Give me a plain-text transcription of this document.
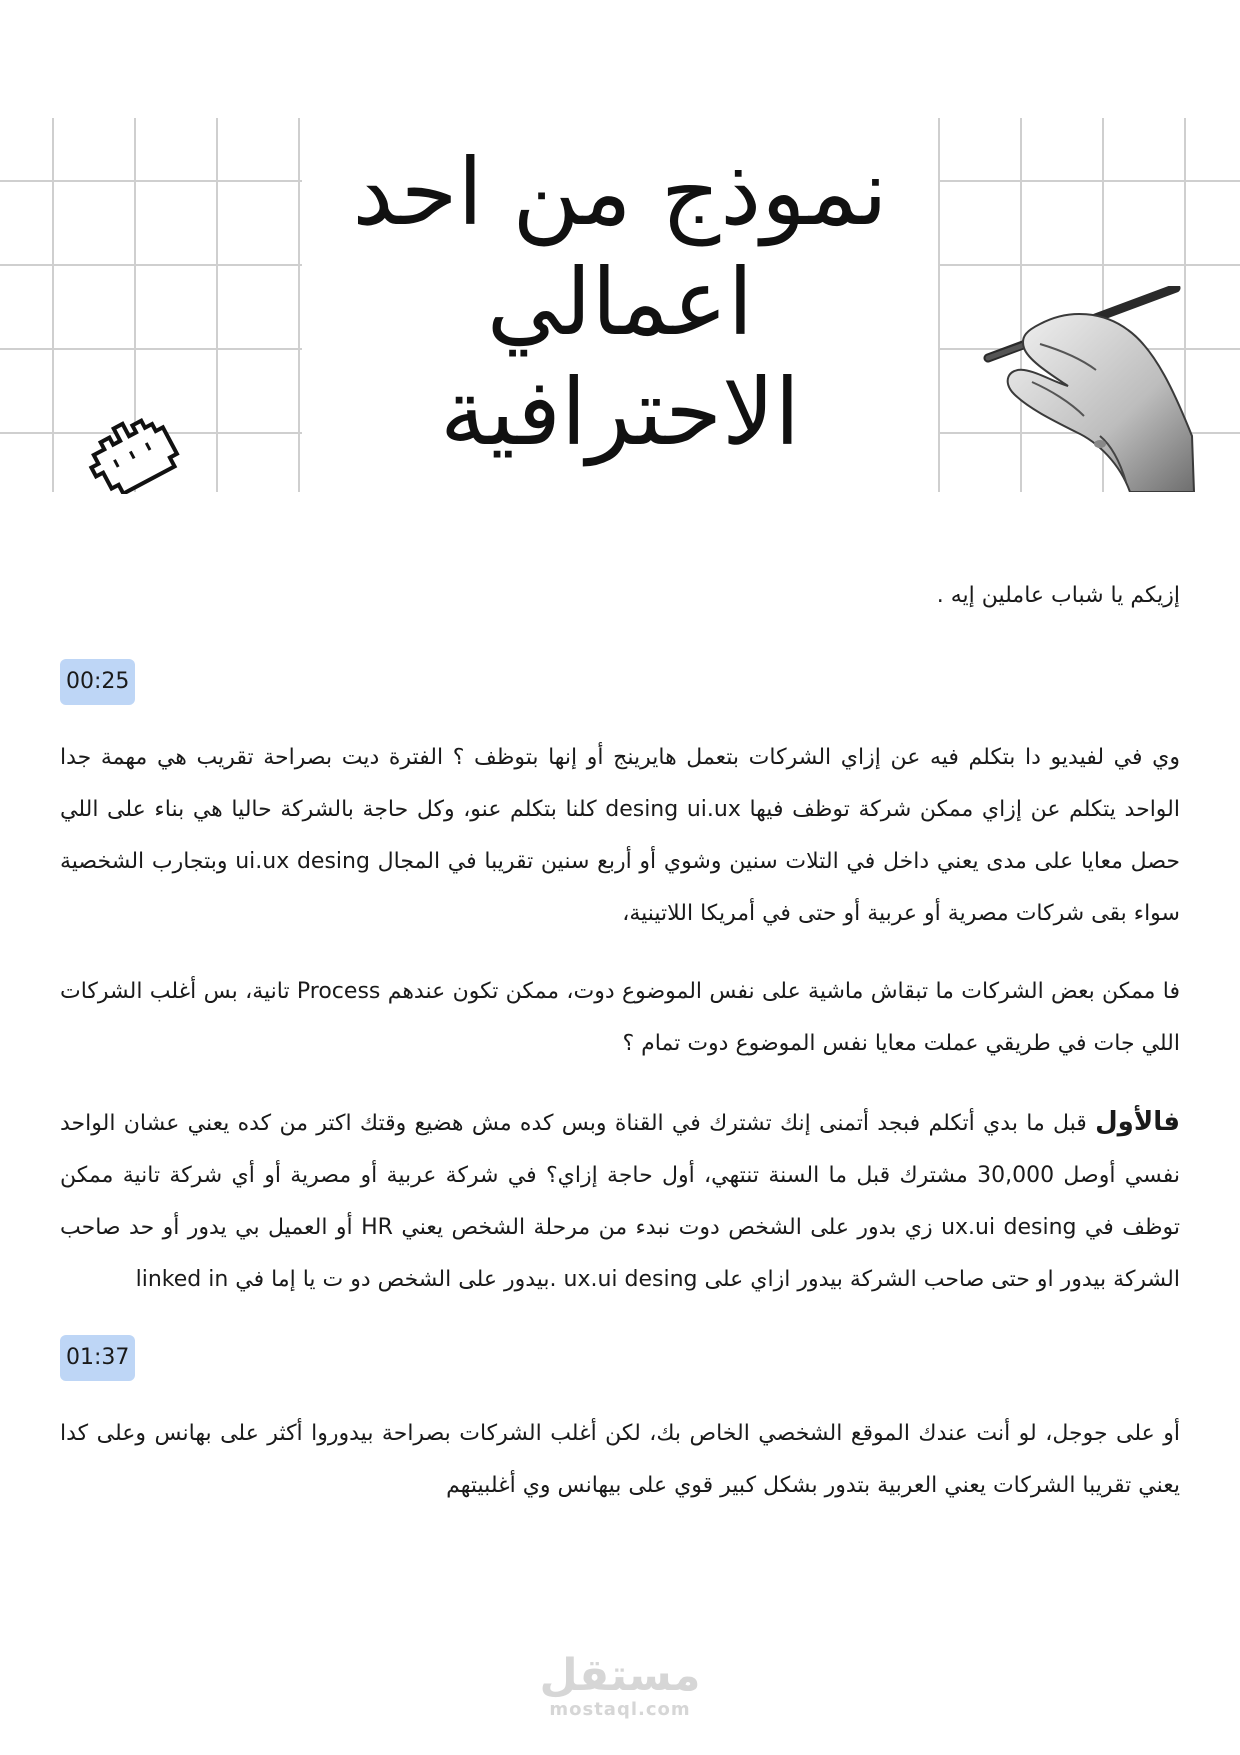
نموذج من احد
اعمالي
الاحترافية

إزيكم يا شباب عاملين إيه .

00:25

وي في لفيديو دا بتكلم فيه عن إزاي الشركات بتعمل هايرينج أو إنها بتوظف ؟ الفترة ديت بصراحة تقريب هي مهمة جدا الواحد يتكلم عن إزاي ممكن شركة توظف فيها desing ui.ux كلنا بتكلم عنو، وكل حاجة بالشركة حاليا هي بناء على اللي حصل معايا على مدى يعني داخل في التلات سنين وشوي أو أربع سنين تقريبا في المجال ui.ux desing وبتجارب الشخصية سواء بقى شركات مصرية أو عربية أو حتى في أمريكا اللاتينية،

فا ممكن بعض الشركات ما تبقاش ماشية على نفس الموضوع دوت، ممكن تكون عندهم Process تانية، بس أغلب الشركات اللي جات في طريقي عملت معايا نفس الموضوع دوت تمام ؟

فالأول قبل ما بدي أتكلم فبجد أتمنى إنك تشترك في القناة وبس كده مش هضيع وقتك اكتر من كده يعني عشان الواحد نفسي أوصل 30,000 مشترك قبل ما السنة تنتهي، أول حاجة إزاي؟ في شركة عربية أو مصرية أو أي شركة تانية ممكن توظف في ux.ui desing زي بدور على الشخص دوت نبدء من مرحلة الشخص يعني HR أو العميل بي يدور أو حد صاحب الشركة بيدور او حتى صاحب الشركة بيدور ازاي على ux.ui desing .بيدور على الشخص دو ت يا إما في linked in

01:37

أو على جوجل، لو أنت عندك الموقع الشخصي الخاص بك، لكن أغلب الشركات بصراحة بيدوروا أكثر على بهانس وعلى كدا يعني تقريبا الشركات يعني العربية بتدور بشكل كبير قوي على بيهانس وي أغلبيتهم

مستقل
mostaql.com
